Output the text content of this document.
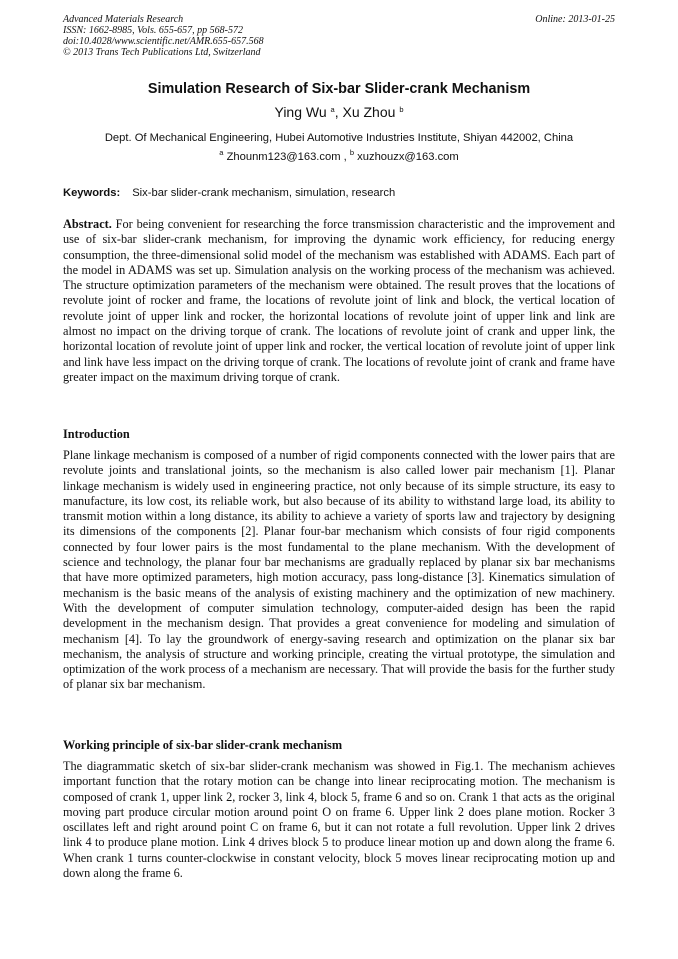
Advanced Materials Research
ISSN: 1662-8985, Vols. 655-657, pp 568-572
doi:10.4028/www.scientific.net/AMR.655-657.568
© 2013 Trans Tech Publications Ltd, Switzerland
Online: 2013-01-25
Simulation Research of Six-bar Slider-crank Mechanism
Ying Wu $^a$, Xu Zhou $^b$
Dept. Of Mechanical Engineering, Hubei Automotive Industries Institute, Shiyan 442002, China
$^a$ Zhounm123@163.com , $^b$ xuzhouzx@163.com
Keywords: Six-bar slider-crank mechanism, simulation, research
Abstract. For being convenient for researching the force transmission characteristic and the improvement and use of six-bar slider-crank mechanism, for improving the dynamic work efficiency, for reducing energy consumption, the three-dimensional solid model of the mechanism was established with ADAMS. Each part of the model in ADAMS was set up. Simulation analysis on the working process of the mechanism was achieved. The structure optimization parameters of the mechanism were obtained. The result proves that the locations of revolute joint of rocker and frame, the locations of revolute joint of link and block, the vertical location of revolute joint of upper link and rocker, the horizontal locations of revolute joint of upper link and link are almost no impact on the driving torque of crank. The locations of revolute joint of crank and upper link, the horizontal location of revolute joint of upper link and rocker, the vertical location of revolute joint of upper link and link have less impact on the driving torque of crank. The locations of revolute joint of crank and frame have greater impact on the maximum driving torque of crank.
Introduction
Plane linkage mechanism is composed of a number of rigid components connected with the lower pairs that are revolute joints and translational joints, so the mechanism is also called lower pair mechanism [1]. Planar linkage mechanism is widely used in engineering practice, not only because of its simple structure, its easy to manufacture, its low cost, its reliable work, but also because of its ability to withstand large load, its ability to transmit motion within a long distance, its ability to achieve a variety of sports law and trajectory by designing its dimensions of the components [2]. Planar four-bar mechanism which consists of four rigid components connected by four lower pairs is the most fundamental to the plane mechanism. With the development of science and technology, the planar four bar mechanisms are gradually replaced by planar six bar mechanisms that have more optimized parameters, high motion accuracy, pass long-distance [3]. Kinematics simulation of mechanism is the basic means of the analysis of existing machinery and the optimization of new machinery. With the development of computer simulation technology, computer-aided design has been the rapid development in the mechanism design. That provides a great convenience for modeling and simulation of mechanism [4]. To lay the groundwork of energy-saving research and optimization on the planar six bar mechanism, the analysis of structure and working principle, creating the virtual prototype, the simulation and optimization of the work process of a mechanism are necessary. That will provide the basis for the further study of planar six bar mechanism.
Working principle of six-bar slider-crank mechanism
The diagrammatic sketch of six-bar slider-crank mechanism was showed in Fig.1. The mechanism achieves important function that the rotary motion can be change into linear reciprocating motion. The mechanism is composed of crank 1, upper link 2, rocker 3, link 4, block 5, frame 6 and so on. Crank 1 that acts as the original moving part produce circular motion around point O on frame 6. Upper link 2 does plane motion. Rocker 3 oscillates left and right around point C on frame 6, but it can not rotate a full revolution. Upper link 2 drives link 4 to produce plane motion. Link 4 drives block 5 to produce linear motion up and down along the frame 6. When crank 1 turns counter-clockwise in constant velocity, block 5 moves linear reciprocating motion up and down along the frame 6.
